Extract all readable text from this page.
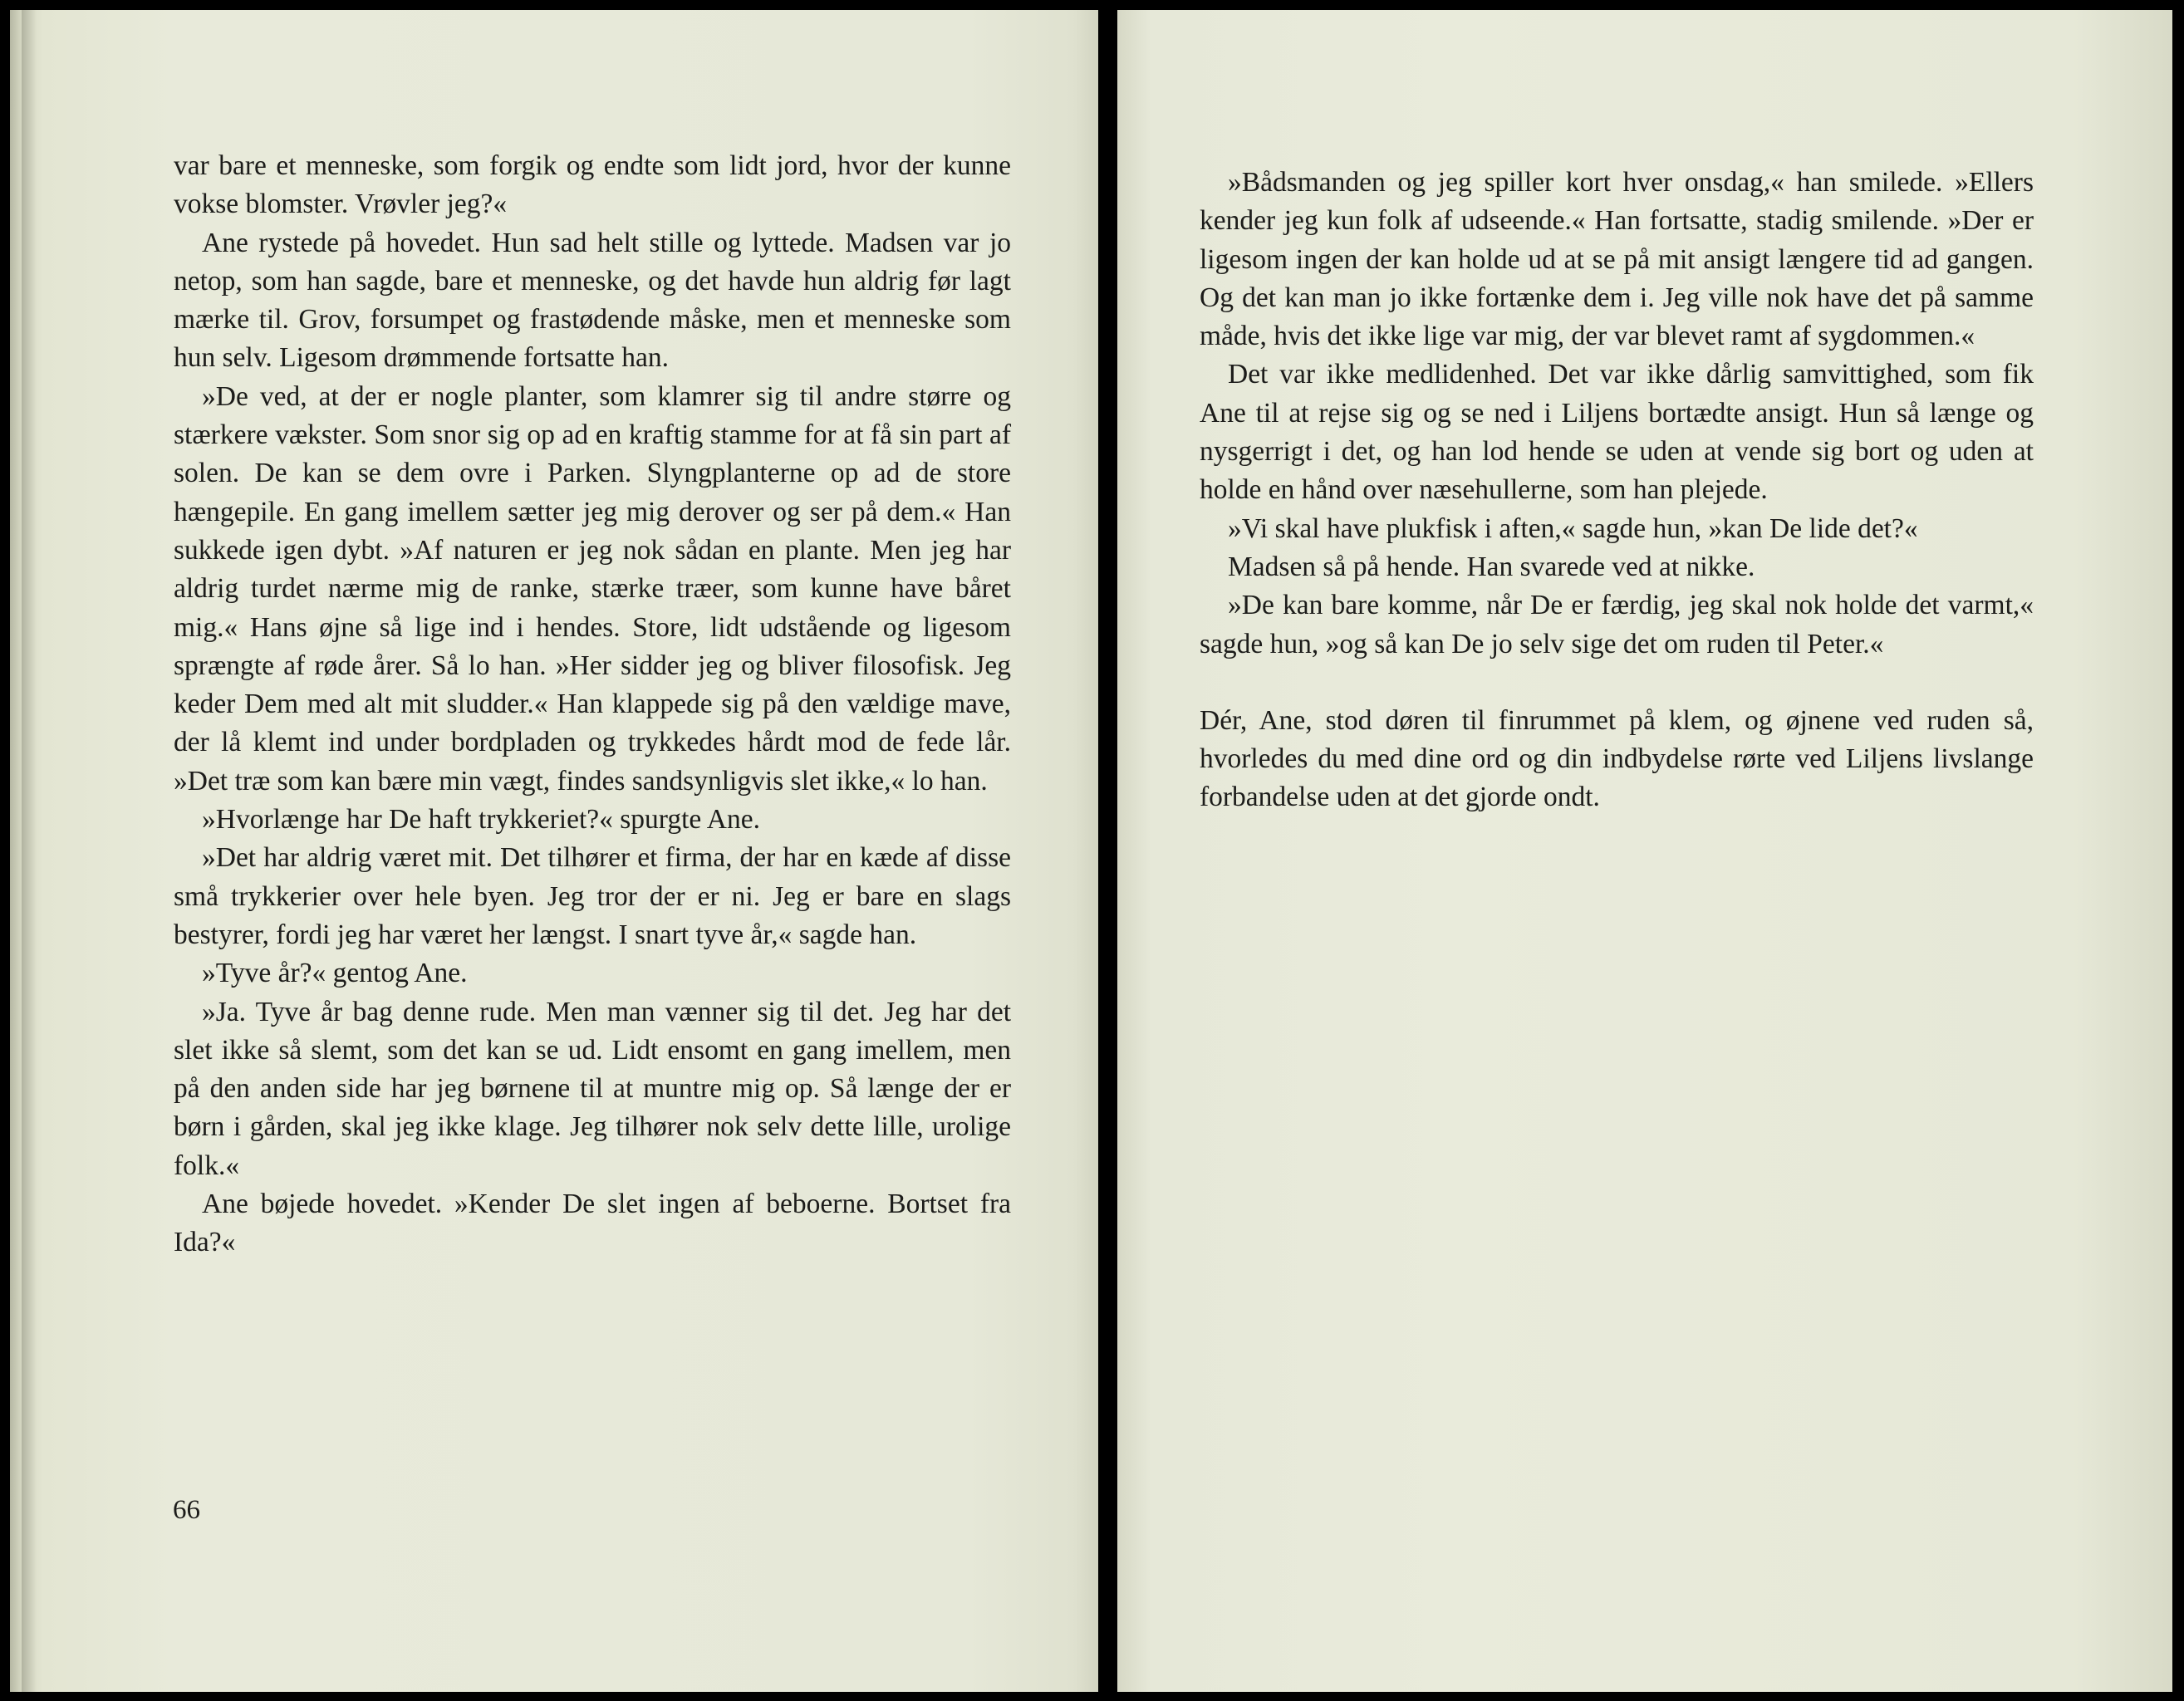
var bare et menneske, som forgik og endte som lidt jord, hvor der kunne vokse blomster. Vrøvler jeg?«

Ane rystede på hovedet. Hun sad helt stille og lyttede. Madsen var jo netop, som han sagde, bare et menneske, og det havde hun aldrig før lagt mærke til. Grov, forsumpet og frastødende måske, men et menneske som hun selv. Ligesom drømmende fortsatte han.

»De ved, at der er nogle planter, som klamrer sig til andre større og stærkere vækster. Som snor sig op ad en kraftig stamme for at få sin part af solen. De kan se dem ovre i Parken. Slyngplanterne op ad de store hængepile. En gang imellem sætter jeg mig derover og ser på dem.« Han sukkede igen dybt. »Af naturen er jeg nok sådan en plante. Men jeg har aldrig turdet nærme mig de ranke, stærke træer, som kunne have båret mig.« Hans øjne så lige ind i hendes. Store, lidt udstående og ligesom sprængte af røde årer. Så lo han. »Her sidder jeg og bliver filosofisk. Jeg keder Dem med alt mit sludder.« Han klappede sig på den vældige mave, der lå klemt ind under bordpladen og trykkedes hårdt mod de fede lår. »Det træ som kan bære min vægt, findes sandsynligvis slet ikke,« lo han.

»Hvorlænge har De haft trykkeriet?« spurgte Ane.

»Det har aldrig været mit. Det tilhører et firma, der har en kæde af disse små trykkerier over hele byen. Jeg tror der er ni. Jeg er bare en slags bestyrer, fordi jeg har været her længst. I snart tyve år,« sagde han.

»Tyve år?« gentog Ane.

»Ja. Tyve år bag denne rude. Men man vænner sig til det. Jeg har det slet ikke så slemt, som det kan se ud. Lidt ensomt en gang imellem, men på den anden side har jeg børnene til at muntre mig op. Så længe der er børn i gården, skal jeg ikke klage. Jeg tilhører nok selv dette lille, urolige folk.«

Ane bøjede hovedet. »Kender De slet ingen af beboerne. Bortset fra Ida?«

66

»Bådsmanden og jeg spiller kort hver onsdag,« han smilede. »Ellers kender jeg kun folk af udseende.« Han fortsatte, stadig smilende. »Der er ligesom ingen der kan holde ud at se på mit ansigt længere tid ad gangen. Og det kan man jo ikke fortænke dem i. Jeg ville nok have det på samme måde, hvis det ikke lige var mig, der var blevet ramt af sygdommen.«

Det var ikke medlidenhed. Det var ikke dårlig samvittighed, som fik Ane til at rejse sig og se ned i Liljens bortædte ansigt. Hun så længe og nysgerrigt i det, og han lod hende se uden at vende sig bort og uden at holde en hånd over næsehullerne, som han plejede.

»Vi skal have plukfisk i aften,« sagde hun, »kan De lide det?«

Madsen så på hende. Han svarede ved at nikke.

»De kan bare komme, når De er færdig, jeg skal nok holde det varmt,« sagde hun, »og så kan De jo selv sige det om ruden til Peter.«

Dér, Ane, stod døren til finrummet på klem, og øjnene ved ruden så, hvorledes du med dine ord og din indbydelse rørte ved Liljens livslange forbandelse uden at det gjorde ondt.
